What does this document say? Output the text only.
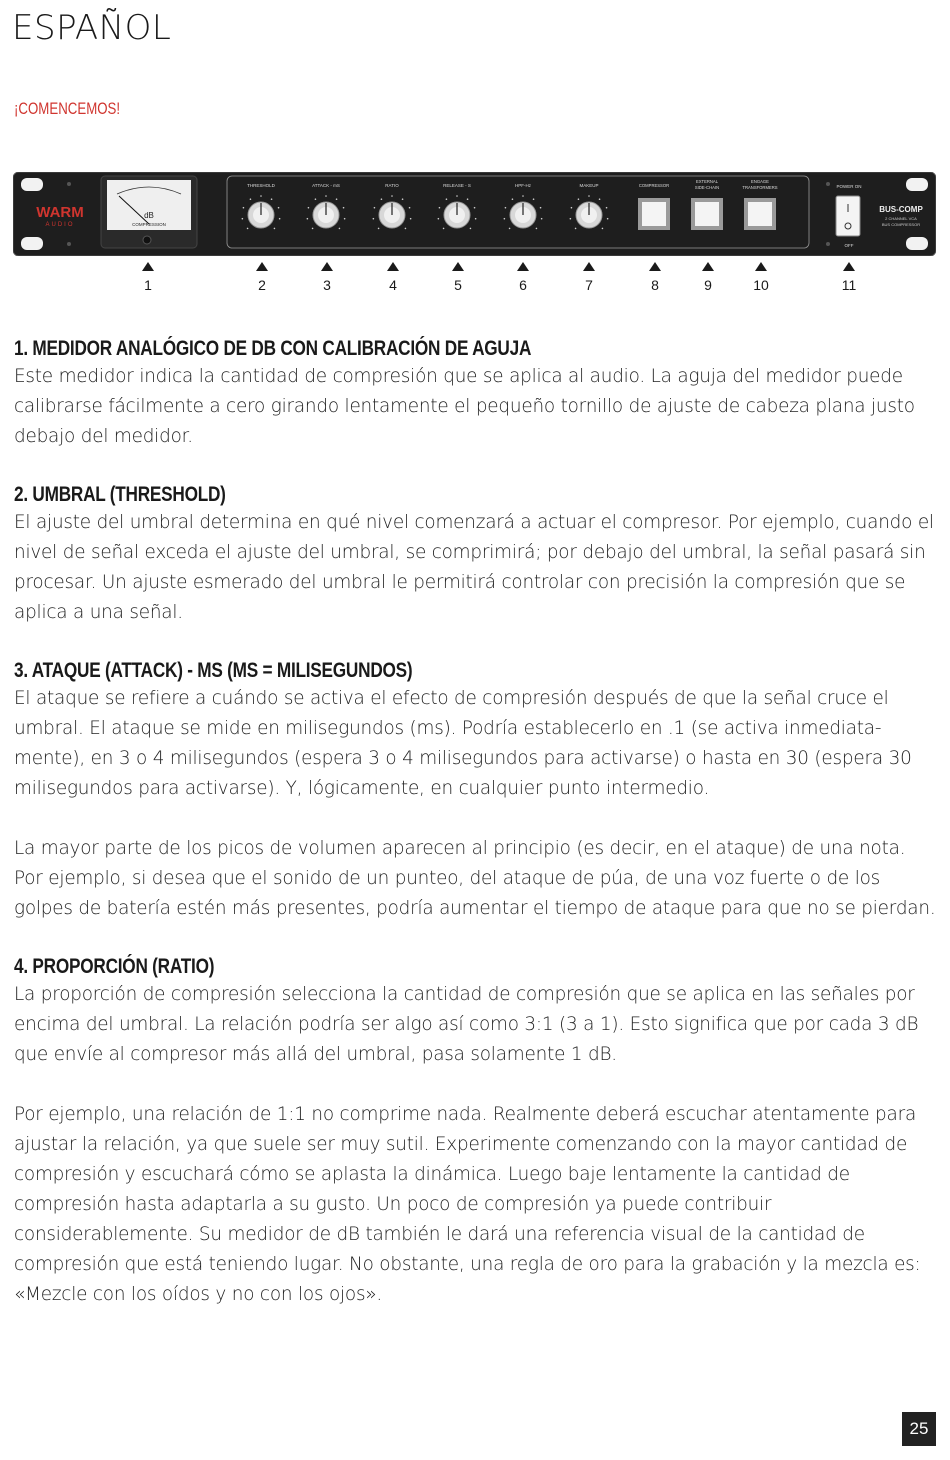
ESPAÑOL
¡COMENCEMOS!
WARM
AUDIO
dB
COMPRESSION
THRESHOLD	ATTACK - mS	RATIO	RELEASE - S	HPF-Hz	MAKEUP	COMPRESSOR
EXTERNAL
SIDE-CHAIN
ENGAGE
TRANSFORMERS	POWER ON
OFF
BUS-COMP
2 CHANNEL VCA
BUS COMPRESSOR
1	2	3	4	5	6	7	8	9	10	11
1. MEDIDOR ANALÓGICO DE DB CON CALIBRACIÓN DE AGUJA

Este medidor indica la cantidad de compresión que se aplica al audio. La aguja del medidor puede calibrarse fácilmente a cero girando lentamente el pequeño tornillo de ajuste de cabeza plana justo debajo del medidor.

2. UMBRAL (THRESHOLD)

El ajuste del umbral determina en qué nivel comenzará a actuar el compresor. Por ejemplo, cuando el nivel de señal exceda el ajuste del umbral, se comprimirá; por debajo del umbral, la señal pasará sin procesar. Un ajuste esmerado del umbral le permitirá controlar con precisión la compresión que se aplica a una señal.

3. ATAQUE (ATTACK) - MS (MS = MILISEGUNDOS)

El ataque se refiere a cuándo se activa el efecto de compresión después de que la señal cruce el umbral. El ataque se mide en milisegundos (ms). Podría establecerlo en .1 (se activa inmediata-mente), en 3 o 4 milisegundos (espera 3 o 4 milisegundos para activarse) o hasta en 30 (espera 30 milisegundos para activarse). Y, lógicamente, en cualquier punto intermedio.

La mayor parte de los picos de volumen aparecen al principio (es decir, en el ataque) de una nota. Por ejemplo, si desea que el sonido de un punteo, del ataque de púa, de una voz fuerte o de los golpes de batería estén más presentes, podría aumentar el tiempo de ataque para que no se pierdan.

4. PROPORCIÓN (RATIO)

La proporción de compresión selecciona la cantidad de compresión que se aplica en las señales por encima del umbral. La relación podría ser algo así como 3:1 (3 a 1). Esto significa que por cada 3 dB que envíe al compresor más allá del umbral, pasa solamente 1 dB.

Por ejemplo, una relación de 1:1 no comprime nada. Realmente deberá escuchar atentamente para ajustar la relación, ya que suele ser muy sutil. Experimente comenzando con la mayor cantidad de compresión y escuchará cómo se aplasta la dinámica. Luego baje lentamente la cantidad de compresión hasta adaptarla a su gusto. Un poco de compresión ya puede contribuir considerablemente. Su medidor de dB también le dará una referencia visual de la cantidad de compresión que está teniendo lugar. No obstante, una regla de oro para la grabación y la mezcla es: «Mezcle con los oídos y no con los ojos».

25
